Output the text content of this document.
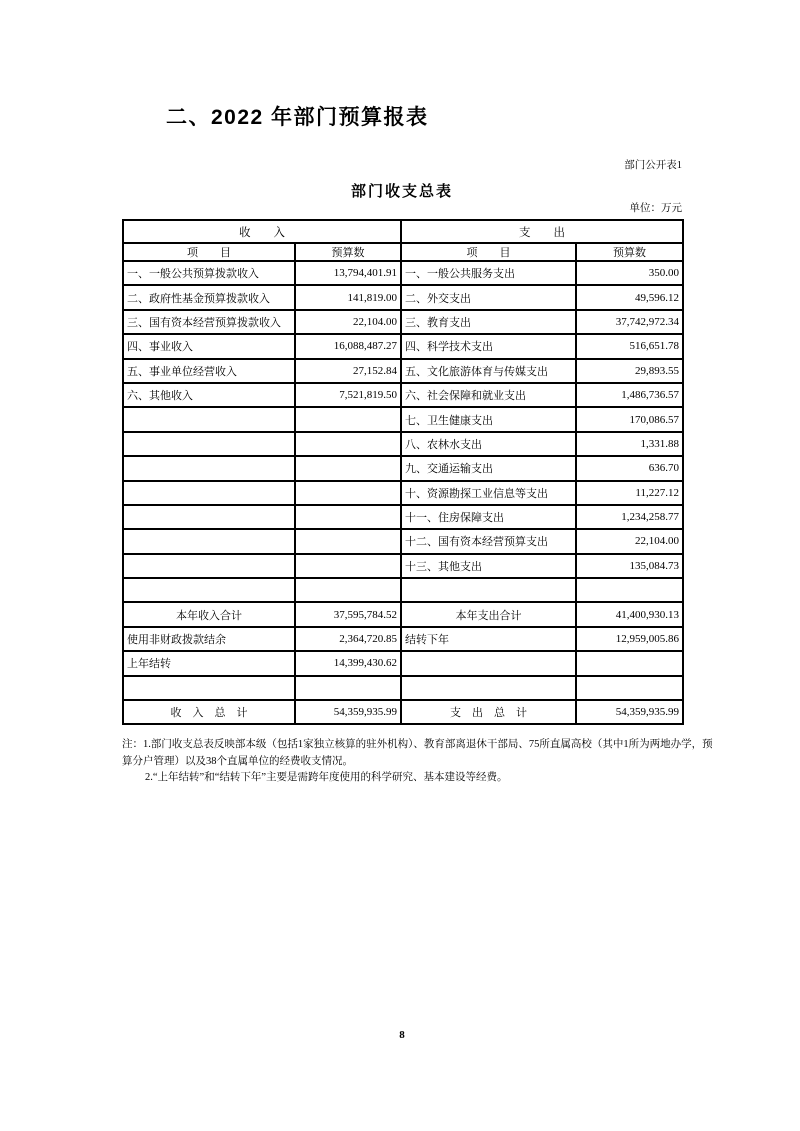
二、2022 年部门预算报表
部门公开表1
部门收支总表
单位：万元
收　　入		支　　出	
项　　目	预算数	项　　目	预算数
一、一般公共预算拨款收入	13,794,401.91	一、一般公共服务支出	350.00
二、政府性基金预算拨款收入	141,819.00	二、外交支出	49,596.12
三、国有资本经营预算拨款收入	22,104.00	三、教育支出	37,742,972.34
四、事业收入	16,088,487.27	四、科学技术支出	516,651.78
五、事业单位经营收入	27,152.84	五、文化旅游体育与传媒支出	29,893.55
六、其他收入	7,521,819.50	六、社会保障和就业支出	1,486,736.57
		七、卫生健康支出	170,086.57
		八、农林水支出	1,331.88
		九、交通运输支出	636.70
		十、资源勘探工业信息等支出	11,227.12
		十一、住房保障支出	1,234,258.77
		十二、国有资本经营预算支出	22,104.00
		十三、其他支出	135,084.73

本年收入合计	37,595,784.52	本年支出合计	41,400,930.13
使用非财政拨款结余	2,364,720.85	结转下年	12,959,005.86
上年结转	14,399,430.62		

收　入　总　计	54,359,935.99	支　出　总　计	54,359,935.99
注：1.部门收支总表反映部本级（包括1家独立核算的驻外机构）、教育部离退休干部局、75所直属高校（其中1所为两地办学，预
算分户管理）以及38个直属单位的经费收支情况。
2.“上年结转”和“结转下年”主要是需跨年度使用的科学研究、基本建设等经费。
8
